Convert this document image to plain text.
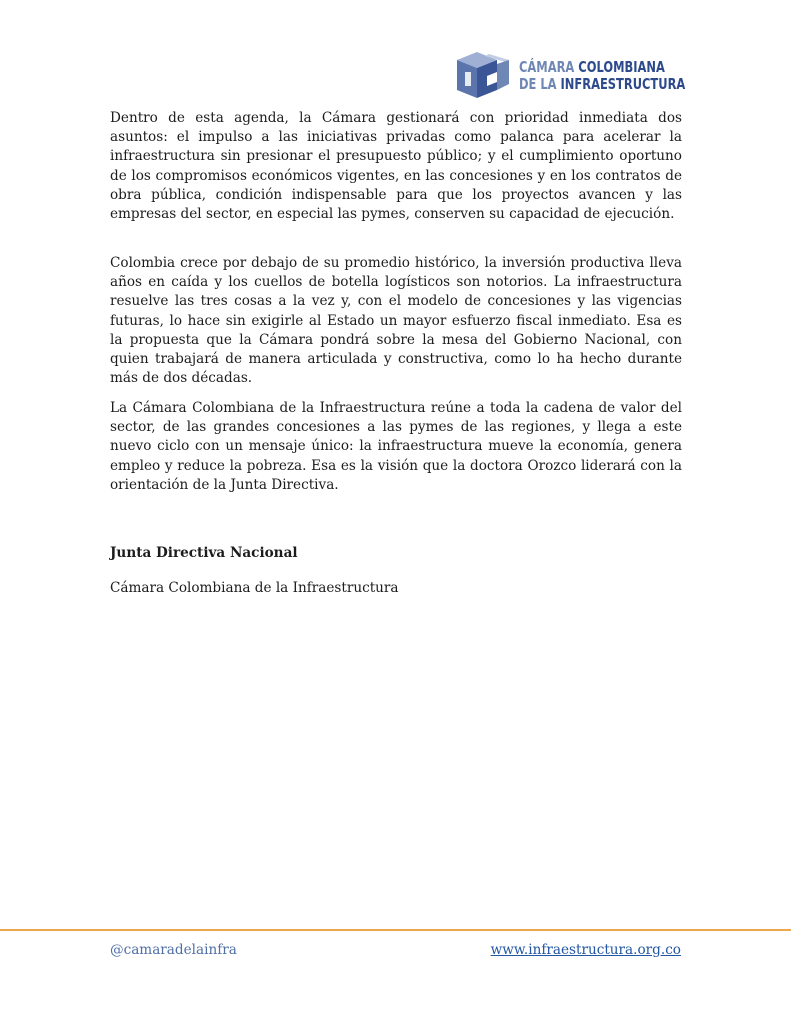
CÁMARA COLOMBIANA
DE LA INFRAESTRUCTURA

Dentro de esta agenda, la Cámara gestionará con prioridad inmediata dos asuntos: el impulso a las iniciativas privadas como palanca para acelerar la infraestructura sin presionar el presupuesto público; y el cumplimiento oportuno de los compromisos económicos vigentes, en las concesiones y en los contratos de obra pública, condición indispensable para que los proyectos avancen y las empresas del sector, en especial las pymes, conserven su capacidad de ejecución.

Colombia crece por debajo de su promedio histórico, la inversión productiva lleva años en caída y los cuellos de botella logísticos son notorios. La infraestructura resuelve las tres cosas a la vez y, con el modelo de concesiones y las vigencias futuras, lo hace sin exigirle al Estado un mayor esfuerzo fiscal inmediato. Esa es la propuesta que la Cámara pondrá sobre la mesa del Gobierno Nacional, con quien trabajará de manera articulada y constructiva, como lo ha hecho durante más de dos décadas.

La Cámara Colombiana de la Infraestructura reúne a toda la cadena de valor del sector, de las grandes concesiones a las pymes de las regiones, y llega a este nuevo ciclo con un mensaje único: la infraestructura mueve la economía, genera empleo y reduce la pobreza. Esa es la visión que la doctora Orozco liderará con la orientación de la Junta Directiva.

Junta Directiva Nacional

Cámara Colombiana de la Infraestructura

@camaradelainfra	www.infraestructura.org.co
